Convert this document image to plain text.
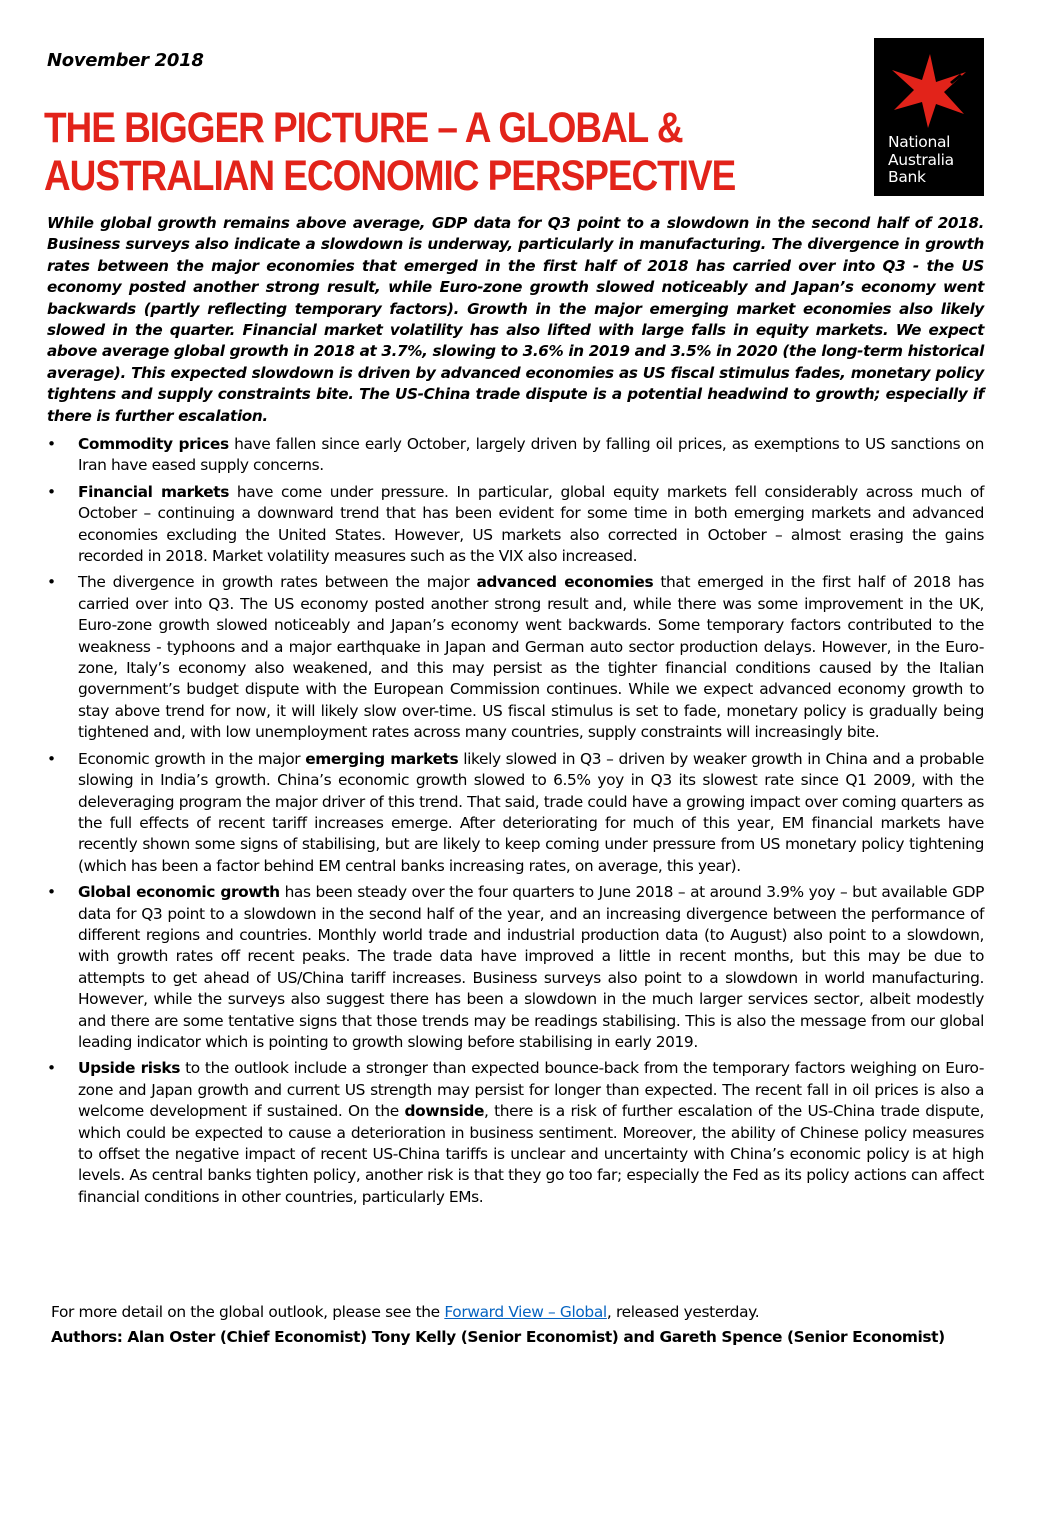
November 2018
THE BIGGER PICTURE – A GLOBAL &
AUSTRALIAN ECONOMIC PERSPECTIVE
National
Australia
Bank

While global growth remains above average, GDP data for Q3 point to a slowdown in the second half of 2018. Business surveys also indicate a slowdown is underway, particularly in manufacturing. The divergence in growth rates between the major economies that emerged in the first half of 2018 has carried over into Q3 - the US economy posted another strong result, while Euro-zone growth slowed noticeably and Japan’s economy went backwards (partly reflecting temporary factors). Growth in the major emerging market economies also likely slowed in the quarter. Financial market volatility has also lifted with large falls in equity markets. We expect above average global growth in 2018 at 3.7%, slowing to 3.6% in 2019 and 3.5% in 2020 (the long-term historical average). This expected slowdown is driven by advanced economies as US fiscal stimulus fades, monetary policy tightens and supply constraints bite. The US-China trade dispute is a potential headwind to growth; especially if there is further escalation.

• Commodity prices have fallen since early October, largely driven by falling oil prices, as exemptions to US sanctions on Iran have eased supply concerns.
• Financial markets have come under pressure. In particular, global equity markets fell considerably across much of October – continuing a downward trend that has been evident for some time in both emerging markets and advanced economies excluding the United States. However, US markets also corrected in October – almost erasing the gains recorded in 2018. Market volatility measures such as the VIX also increased.
• The divergence in growth rates between the major advanced economies that emerged in the first half of 2018 has carried over into Q3. The US economy posted another strong result and, while there was some improvement in the UK, Euro-zone growth slowed noticeably and Japan’s economy went backwards. Some temporary factors contributed to the weakness - typhoons and a major earthquake in Japan and German auto sector production delays. However, in the Euro-zone, Italy’s economy also weakened, and this may persist as the tighter financial conditions caused by the Italian government’s budget dispute with the European Commission continues. While we expect advanced economy growth to stay above trend for now, it will likely slow over-time. US fiscal stimulus is set to fade, monetary policy is gradually being tightened and, with low unemployment rates across many countries, supply constraints will increasingly bite.
• Economic growth in the major emerging markets likely slowed in Q3 – driven by weaker growth in China and a probable slowing in India’s growth. China’s economic growth slowed to 6.5% yoy in Q3 its slowest rate since Q1 2009, with the deleveraging program the major driver of this trend. That said, trade could have a growing impact over coming quarters as the full effects of recent tariff increases emerge. After deteriorating for much of this year, EM financial markets have recently shown some signs of stabilising, but are likely to keep coming under pressure from US monetary policy tightening (which has been a factor behind EM central banks increasing rates, on average, this year).
• Global economic growth has been steady over the four quarters to June 2018 – at around 3.9% yoy – but available GDP data for Q3 point to a slowdown in the second half of the year, and an increasing divergence between the performance of different regions and countries. Monthly world trade and industrial production data (to August) also point to a slowdown, with growth rates off recent peaks. The trade data have improved a little in recent months, but this may be due to attempts to get ahead of US/China tariff increases. Business surveys also point to a slowdown in world manufacturing. However, while the surveys also suggest there has been a slowdown in the much larger services sector, albeit modestly and there are some tentative signs that those trends may be readings stabilising. This is also the message from our global leading indicator which is pointing to growth slowing before stabilising in early 2019.
• Upside risks to the outlook include a stronger than expected bounce-back from the temporary factors weighing on Euro-zone and Japan growth and current US strength may persist for longer than expected. The recent fall in oil prices is also a welcome development if sustained. On the downside, there is a risk of further escalation of the US-China trade dispute, which could be expected to cause a deterioration in business sentiment. Moreover, the ability of Chinese policy measures to offset the negative impact of recent US-China tariffs is unclear and uncertainty with China’s economic policy is at high levels. As central banks tighten policy, another risk is that they go too far; especially the Fed as its policy actions can affect financial conditions in other countries, particularly EMs.
For more detail on the global outlook, please see the Forward View – Global, released yesterday.
Authors: Alan Oster (Chief Economist) Tony Kelly (Senior Economist) and Gareth Spence (Senior Economist)
